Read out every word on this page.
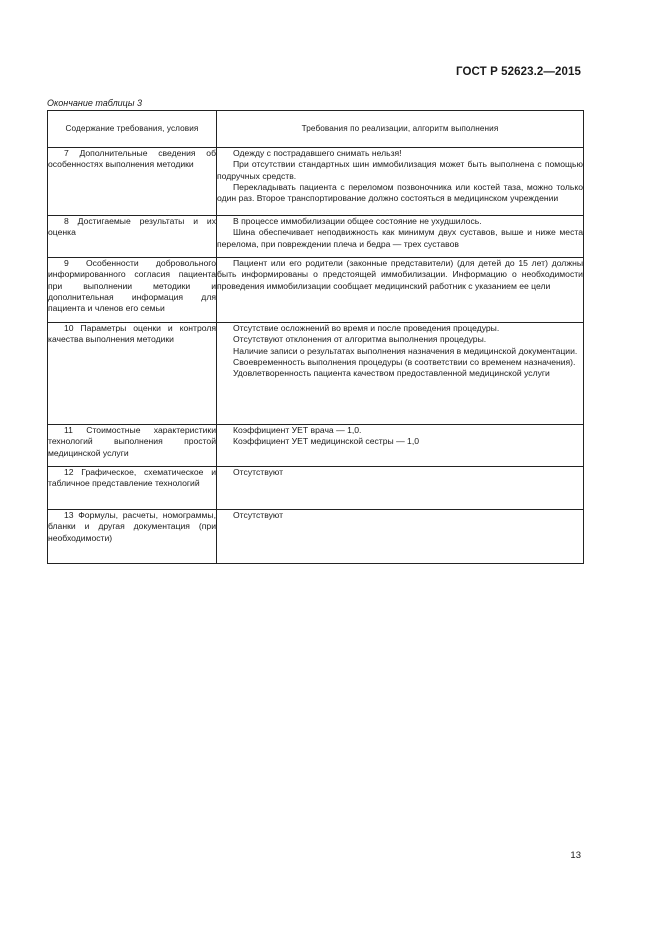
ГОСТ Р 52623.2—2015
Окончание таблицы 3
Содержание требования, условия	Требования по реализации, алгоритм выполнения

7 Дополнительные сведения об особенностях выполнения методики	Одежду с пострадавшего снимать нельзя!

При отсутствии стандартных шин иммобилизация может быть выполнена с помощью подручных средств.

Перекладывать пациента с переломом позвоночника или костей таза, можно только один раз. Второе транспортирование должно состояться в медицинском учреждении

8 Достигаемые результаты и их оценка	В процессе иммобилизации общее состояние не ухудшилось.

Шина обеспечивает неподвижность как минимум двух суставов, выше и ниже места перелома, при повреждении плеча и бедра — трех суставов

9 Особенности добровольного информированного согласия пациента при выполнении методики и дополнительная информация для пациента и членов его семьи	Пациент или его родители (законные представители) (для детей до 15 лет) должны быть информированы о предстоящей иммобилизации. Информацию о необходимости проведения иммобилизации сообщает медицинский работник с указанием ее цели

10 Параметры оценки и контроля качества выполнения методики	Отсутствие осложнений во время и после проведения процедуры.

Отсутствуют отклонения от алгоритма выполнения процедуры.

Наличие записи о результатах выполнения назначения в медицинской документации.

Своевременность выполнения процедуры (в соответствии со временем назначения).

Удовлетворенность пациента качеством предоставленной медицинской услуги

11 Стоимостные характеристики технологий выполнения простой медицинской услуги	Коэффициент УЕТ врача — 1,0.

Коэффициент УЕТ медицинской сестры — 1,0

12 Графическое, схематическое и табличное представление технологий	Отсутствуют

13 Формулы, расчеты, номограммы, бланки и другая документация (при необходимости)	Отсутствуют

13
